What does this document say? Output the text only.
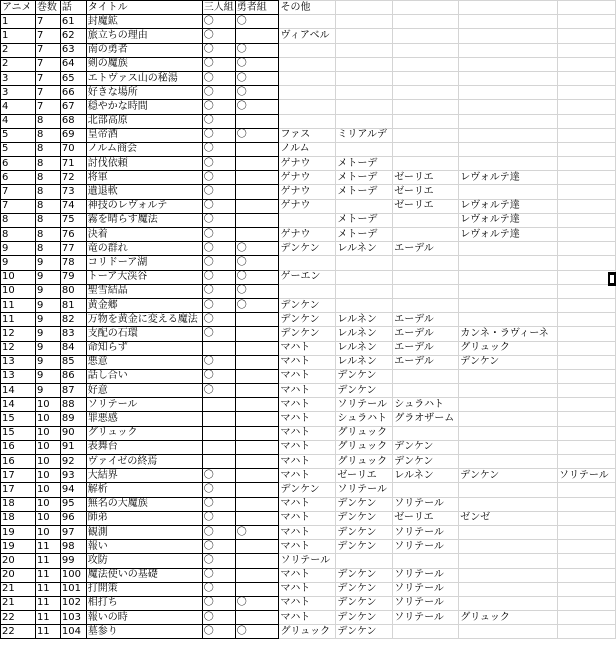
アニメ	巻数	話	タイトル	三人組	勇者組	その他				
1	7	61	封魔鉱	〇	〇					
1	7	62	旅立ちの理由	〇		ヴィアベル				
2	7	63	南の勇者	〇	〇					
2	7	64	剣の魔族	〇	〇					
3	7	65	エトヴァス山の秘湯	〇	〇					
3	7	66	好きな場所	〇	〇					
4	7	67	穏やかな時間	〇	〇					
4	8	68	北部高原	〇						
5	8	69	皇帝酒	〇	〇	ファス	ミリアルデ			
5	8	70	ノルム商会	〇		ノルム				
6	8	71	討伐依頼	〇		ゲナウ	メトーデ			
6	8	72	将軍	〇		ゲナウ	メトーデ	ゼーリエ	レヴォルテ達	
7	8	73	遺退軟	〇		ゲナウ	メトーデ	ゼーリエ		
7	8	74	神技のレヴォルテ	〇		ゲナウ		ゼーリエ	レヴォルテ達	
8	8	75	霧を晴らす魔法	〇			メトーデ		レヴォルテ達	
8	8	76	決着	〇		ゲナウ	メトーデ		レヴォルテ達	
9	8	77	竜の群れ	〇	〇	デンケン	レルネン	エーデル		
9	9	78	コリドーア湖	〇	〇					
10	9	79	トーア大渓谷	〇	〇	ゲーエン				
10	9	80	聖雪結晶	〇	〇					
11	9	81	黄金郷	〇	〇	デンケン				
11	9	82	万物を黄金に変える魔法	〇		デンケン	レルネン	エーデル		
12	9	83	支配の石環	〇		デンケン	レルネン	エーデル	カンネ・ラヴィーネ	
12	9	84	命知らず			マハト	レルネン	エーデル	グリュック	
13	9	85	悪意	〇		マハト	レルネン	エーデル	デンケン	
13	9	86	話し合い	〇		マハト	デンケン			
14	9	87	好意	〇		マハト	デンケン			
14	10	88	ソリテール			マハト	ソリテール	シュラハト		
15	10	89	罪悪感			マハト	シュラハト	グラオザーム		
15	10	90	グリュック			マハト	グリュック			
16	10	91	表舞台			マハト	グリュック	デンケン		
16	10	92	ヴァイゼの終焉			マハト	グリュック	デンケン		
17	10	93	大結界	〇		マハト	ゼーリエ	レルネン	デンケン	ソリテール
17	10	94	解析	〇		デンケン	ソリテール			
18	10	95	無名の大魔族	〇		マハト	デンケン	ソリテール		
18	10	96	師弟	〇		マハト	デンケン	ゼーリエ	ゼンゼ	
19	10	97	観測	〇	〇	マハト	デンケン	ソリテール		
19	11	98	報い	〇		マハト	デンケン	ソリテール		
20	11	99	攻防	〇		ソリテール				
20	11	100	魔法使いの基礎	〇		マハト	デンケン	ソリテール		
21	11	101	打開策	〇		マハト	デンケン	ソリテール		
21	11	102	相打ち	〇	〇	マハト	デンケン	ソリテール		
22	11	103	報いの時	〇		マハト	デンケン	ソリテール	グリュック	
22	11	104	墓参り	〇	〇	グリュック	デンケン			
